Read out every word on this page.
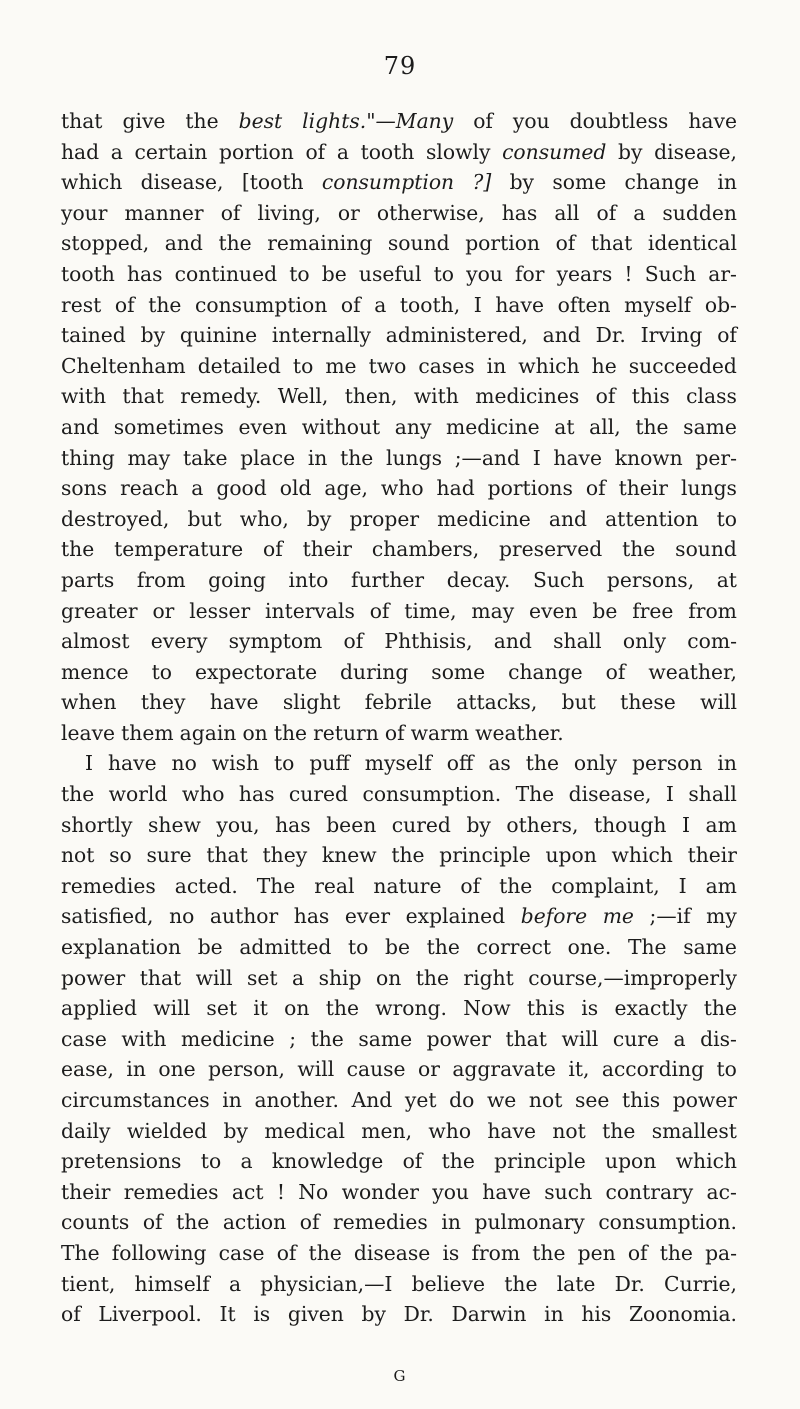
79
that give the best lights."—Many of you doubtless have
had a certain portion of a tooth slowly consumed by disease,
which disease, [tooth consumption ?] by some change in
your manner of living, or otherwise, has all of a sudden
stopped, and the remaining sound portion of that identical
tooth has continued to be useful to you for years ! Such ar-
rest of the consumption of a tooth, I have often myself ob-
tained by quinine internally administered, and Dr. Irving of
Cheltenham detailed to me two cases in which he succeeded
with that remedy. Well, then, with medicines of this class
and sometimes even without any medicine at all, the same
thing may take place in the lungs ;—and I have known per-
sons reach a good old age, who had portions of their lungs
destroyed, but who, by proper medicine and attention to
the temperature of their chambers, preserved the sound
parts from going into further decay. Such persons, at
greater or lesser intervals of time, may even be free from
almost every symptom of Phthisis, and shall only com-
mence to expectorate during some change of weather,
when they have slight febrile attacks, but these will
leave them again on the return of warm weather.
I have no wish to puff myself off as the only person in
the world who has cured consumption. The disease, I shall
shortly shew you, has been cured by others, though I am
not so sure that they knew the principle upon which their
remedies acted. The real nature of the complaint, I am
satisfied, no author has ever explained before me ;—if my
explanation be admitted to be the correct one. The same
power that will set a ship on the right course,—improperly
applied will set it on the wrong. Now this is exactly the
case with medicine ; the same power that will cure a dis-
ease, in one person, will cause or aggravate it, according to
circumstances in another. And yet do we not see this power
daily wielded by medical men, who have not the smallest
pretensions to a knowledge of the principle upon which
their remedies act ! No wonder you have such contrary ac-
counts of the action of remedies in pulmonary consumption.
The following case of the disease is from the pen of the pa-
tient, himself a physician,—I believe the late Dr. Currie,
of Liverpool. It is given by Dr. Darwin in his Zoonomia.
G
